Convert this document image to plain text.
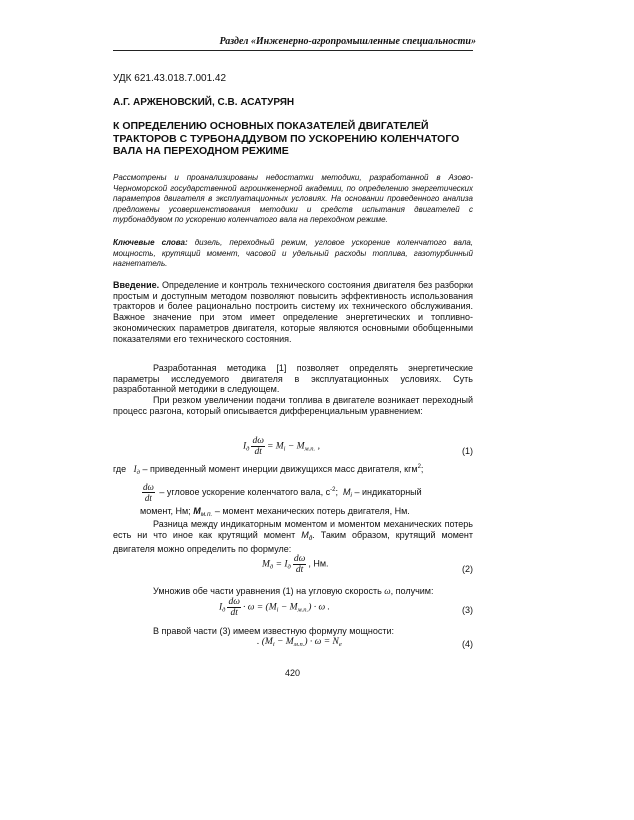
Раздел «Инженерно-агропромышленные специальности»
УДК 621.43.018.7.001.42
А.Г. АРЖЕНОВСКИЙ, С.В. АСАТУРЯН
К ОПРЕДЕЛЕНИЮ ОСНОВНЫХ ПОКАЗАТЕЛЕЙ ДВИГАТЕЛЕЙ ТРАКТОРОВ С ТУРБОНАДДУВОМ ПО УСКОРЕНИЮ КОЛЕНЧАТОГО ВАЛА НА ПЕРЕХОДНОМ РЕЖИМЕ

Рассмотрены и проанализированы недостатки методики, разработанной в Азово-Черноморской государственной агроинженерной академии, по определению энергетических параметров двигателя в эксплуатационных условиях. На основании проведенного анализа предложены усовершенствования методики и средств испытания двигателей с турбонаддувом по ускорению коленчатого вала на переходном режиме.

Ключевые слова: дизель, переходный режим, угловое ускорение коленчатого вала, мощность, крутящий момент, часовой и удельный расходы топлива, газотурбинный нагнетатель.

Введение. Определение и контроль технического состояния двигателя без разборки простым и доступным методом позволяют повысить эффективность использования тракторов и более рационально построить систему их технического обслуживания. Важное значение при этом имеет определение энергетических и топливно-экономических параметров двигателя, которые являются основными обобщенными показателями его технического состояния.

Разработанная методика [1] позволяет определять энергетические параметры исследуемого двигателя в эксплуатационных условиях. Суть разработанной методики в следующем.

При резком увеличении подачи топлива в двигателе возникает переходный процесс разгона, который описывается дифференциальным уравнением:

$I_д \frac{d\omega}{dt} = M_i - M_{м.п.}$ ,	(1)
где $I_д$ – приведенный момент инерции движущихся масс двигателя, кгм$^2$;
$\frac{d\omega}{dt}$ – угловое ускорение коленчатого вала, $с^{-2}$; $M_i$ – индикаторный
момент, Нм; $M_{м.п.}$ – момент механических потерь двигателя, Нм.

Разница между индикаторным моментом и моментом механических потерь есть ни что иное как крутящий момент $M_д$. Таким образом, крутящий момент двигателя можно определить по формуле:

$M_д = I_д \frac{d\omega}{dt}$ , Нм.
(2)
Умножив обе части уравнения (1) на угловую скорость ω, получим:
$I_д \frac{d\omega}{dt} \cdot \omega = (M_i - M_{м.п.}) \cdot \omega$ .	(3)
В правой части (3) имеем известную формулу мощности:
. $(M_i - M_{м.п.}) \cdot \omega = N_e$	(4)
420
